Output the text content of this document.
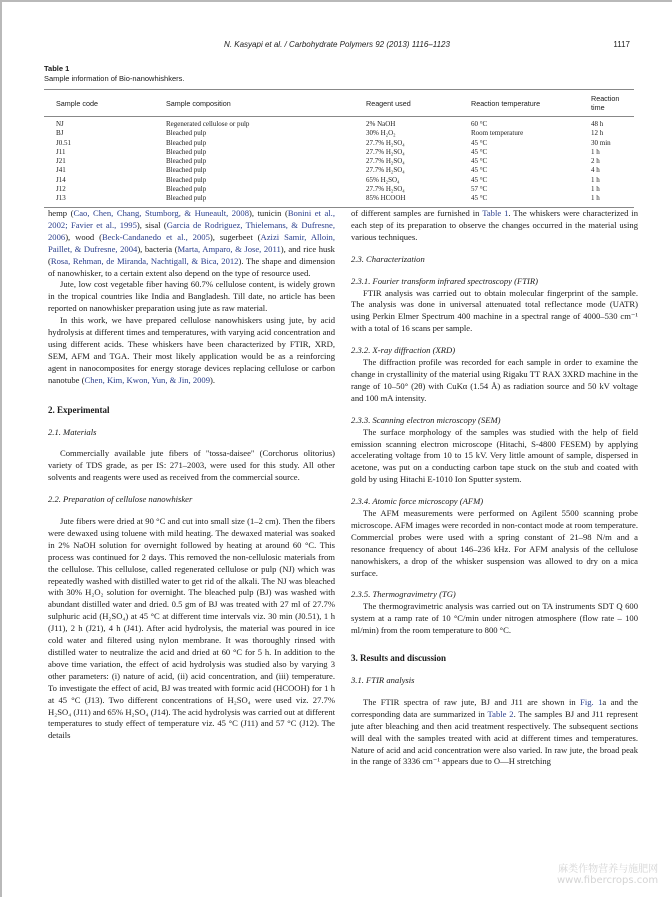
N. Kasyapi et al. / Carbohydrate Polymers 92 (2013) 1116–1123	1117
Table 1
Sample information of Bio-nanowhishkers.
Sample code	Sample composition	Reagent used	Reaction temperature	Reaction time
NJ	Regenerated cellulose or pulp	2% NaOH	60 °C	48 h
BJ	Bleached pulp	30% H₂O₂	Room temperature	12 h
J0.51	Bleached pulp	27.7% H₂SO₄	45 °C	30 min
J11	Bleached pulp	27.7% H₂SO₄	45 °C	1 h
J21	Bleached pulp	27.7% H₂SO₄	45 °C	2 h
J41	Bleached pulp	27.7% H₂SO₄	45 °C	4 h
J14	Bleached pulp	65% H₂SO₄	45 °C	1 h
J12	Bleached pulp	27.7% H₂SO₄	57 °C	1 h
J13	Bleached pulp	85% HCOOH	45 °C	1 h

hemp (Cao, Chen, Chang, Stumborg, & Huneault, 2008), tunicin (Bonini et al., 2002; Favier et al., 1995), sisal (Garcia de Rodriguez, Thielemans, & Dufresne, 2006), wood (Beck-Candanedo et al., 2005), sugerbeet (Azizi Samir, Alloin, Paillet, & Dufresne, 2004), bacteria (Marta, Amparo, & Jose, 2011), and rice husk (Rosa, Rehman, de Miranda, Nachtigall, & Bica, 2012). The shape and dimension of nanowhisker, to a certain extent also depend on the type of resource used.

Jute, low cost vegetable fiber having 60.7% cellulose content, is widely grown in the tropical countries like India and Bangladesh. Till date, no article has been reported on nanowhisker preparation using jute as raw material.

In this work, we have prepared cellulose nanowhiskers using jute, by acid hydrolysis at different times and temperatures, with varying acid concentration and using different acids. These whiskers have been characterized by FTIR, XRD, SEM, AFM and TGA. Their most likely application would be as a reinforcing agent in nanocomposites for energy storage devices replacing cellulose or carbon nanotube (Chen, Kim, Kwon, Yun, & Jin, 2009).

2. Experimental
2.1. Materials

Commercially available jute fibers of "tossa-daisee" (Corchorus olitorius) variety of TDS grade, as per IS: 271–2003, were used for this study. All other solvents and reagents were used as received from the commercial source.

2.2. Preparation of cellulose nanowhisker

Jute fibers were dried at 90 °C and cut into small size (1–2 cm). Then the fibers were dewaxed using toluene with mild heating. The dewaxed material was soaked in 2% NaOH solution for overnight followed by heating at around 60 °C. This process was continued for 2 days. This removed the non-cellulosic materials from the cellulose. This cellulose, called regenerated cellulose or pulp (NJ) which was repeatedly washed with distilled water to get rid of the alkali. The NJ was bleached with 30% H₂O₂ solution for overnight. The bleached pulp (BJ) was washed with abundant distilled water and dried. 0.5 gm of BJ was treated with 27 ml of 27.7% sulphuric acid (H₂SO₄) at 45 °C at different time intervals viz. 30 min (J0.51), 1 h (J11), 2 h (J21), 4 h (J41). After acid hydrolysis, the material was poured in ice cold water and filtered using nylon membrane. It was thoroughly rinsed with distilled water to neutralize the acid and dried at 60 °C for 5 h. In addition to the above time variation, the effect of acid hydrolysis was studied also by varying 3 other parameters: (i) nature of acid, (ii) acid concentration, and (iii) temperature. To investigate the effect of acid, BJ was treated with formic acid (HCOOH) for 1 h at 45 °C (J13). Two different concentrations of H₂SO₄ were used viz. 27.7% H₂SO₄ (J11) and 65% H₂SO₄ (J14). The acid hydrolysis was carried out at different temperatures to study effect of temperature viz. 45 °C (J11) and 57 °C (J12). The details

of different samples are furnished in Table 1. The whiskers were characterized in each step of its preparation to observe the changes occurred in the material using various techniques.

2.3. Characterization
2.3.1. Fourier transform infrared spectroscopy (FTIR)

FTIR analysis was carried out to obtain molecular fingerprint of the sample. The analysis was done in universal attenuated total reflectance mode (UATR) using Perkin Elmer Spectrum 400 machine in a spectral range of 4000–530 cm⁻¹ with a total of 16 scans per sample.

2.3.2. X-ray diffraction (XRD)

The diffraction profile was recorded for each sample in order to examine the change in crystallinity of the material using Rigaku TT RAX 3XRD machine in the range of 10–50° (2θ) with CuKα (1.54 Å) as radiation source and 50 kV voltage and 100 mA intensity.

2.3.3. Scanning electron microscopy (SEM)

The surface morphology of the samples was studied with the help of field emission scanning electron microscope (Hitachi, S-4800 FESEM) by applying accelerating voltage from 10 to 15 kV. Very little amount of sample, dispersed in acetone, was put on a conducting carbon tape stuck on the stub and coated with gold by using Hitachi E-1010 Ion Sputter system.

2.3.4. Atomic force microscopy (AFM)

The AFM measurements were performed on Agilent 5500 scanning probe microscope. AFM images were recorded in non-contact mode at room temperature. Commercial probes were used with a spring constant of 21–98 N/m and a resonance frequency of about 146–236 kHz. For AFM analysis of the cellulose nanowhiskers, a drop of the whisker suspension was allowed to dry on a mica surface.

2.3.5. Thermogravimetry (TG)

The thermogravimetric analysis was carried out on TA instruments SDT Q 600 system at a ramp rate of 10 °C/min under nitrogen atmosphere (flow rate – 100 ml/min) from the room temperature to 800 °C.

3. Results and discussion
3.1. FTIR analysis

The FTIR spectra of raw jute, BJ and J11 are shown in Fig. 1a and the corresponding data are summarized in Table 2. The samples BJ and J11 represent jute after bleaching and then acid treatment respectively. The subsequent sections will deal with the samples treated with acid at different times and temperatures. Nature of acid and acid concentration were also varied. In raw jute, the broad peak in the range of 3336 cm⁻¹ appears due to O—H stretching

麻类作物营养与施肥网
www.fibercrops.com
